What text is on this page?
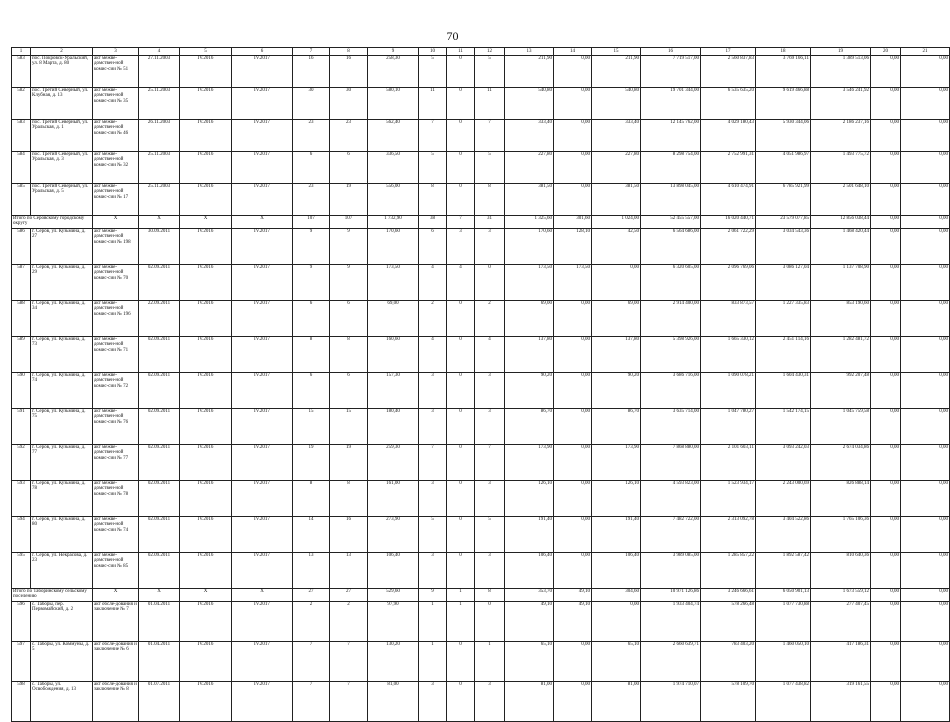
70
1	2	3	4	5	6	7	8	9	10	11	12	13	14	15	16	17	18	19	20	21
583	пос. Покровск-Уральский, ул. 8 Марта, д. 80	акт межве-домствен-ной комис-сии № 51	27.11.2003	IV.2016	IV.2017	16	16	258,30	5	0	5	211,90	0,00	211,90	7 719 517,00	2 560 837,83	3 769 166,11	1 389 513,06	0,00	0,00
582	пос. Третий Северный, ул. Клубная, д. 13	акт межве-домствен-ной комис-сии № 35	25.11.2003	IV.2016	IV.2017	30	30	580,10	11	0	11	540,80	0,00	540,80	19 701 344,00	6 535 635,20	9 619 466,88	3 546 241,92	0,00	0,00
583	пос. Третий Северный, ул. Уральская, д. 1	акт межве-домствен-ной комис-сии № 46	26.11.2003	IV.2016	IV.2017	23	23	562,40	7	0	7	333,40	0,00	333,40	12 145 762,00	4 029 180,43	5 930 344,06	2 186 237,16	0,00	0,00
584	пос. Третий Северный, ул. Уральская, д. 3	акт межве-домствен-ной комис-сии № 32	25.11.2003	IV.2016	IV.2017	6	6	336,50	5	0	5	227,80	0,00	227,80	8 298 754,00	2 752 991,31	4 051 986,97	1 493 775,72	0,00	0,00
585	пос. Третий Северный, ул. Уральская, д. 5	акт межве-домствен-ной комис-сии № 17	25.11.2003	IV.2016	IV.2017	23	19	556,00	8	0	8	381,50	0,00	381,50	13 898 045,00	4 610 474,91	6 785 921,99	2 501 648,10	0,00	0,00
Итого по Серовскому городскому округу		X	X	X	X	107	107	1 732,90	38	7	31	1 325,60	301,60	1 024,00	52 455 557,00	16 020 440,71	23 579 077,85	12 856 038,44	0,00	0,00
586	г. Серов, ул. Кузьмина, д. 27	акт межве-домствен-ной комис-сии № 198	30.09.2011	IV.2016	IV.2017	9	9	170,60	6	3	3	170,60	128,10	42,50	6 564 686,00	2 061 722,29	3 034 543,36	1 468 420,44	0,00	0,00
587	г. Серов, ул. Кузьмина, д. 29	акт межве-домствен-ной комис-сии № 70	02.09.2011	IV.2016	IV.2017	9	9	173,50	4	4	0	173,50	173,50	0,00	6 320 605,00	2 096 769,06	3 086 127,04	1 137 708,90	0,00	0,00
588	г. Серов, ул. Кузьмина, д. 34	акт межве-домствен-ной комис-сии № 196	22.09.2011	IV.2016	IV.2017	6	6	69,00	2	0	2	69,00	0,00	69,00	2 914 400,00	833 873,57	1 227 335,83	853 190,60	0,00	0,00
589	г. Серов, ул. Кузьмина, д. 73	акт межве-домствен-ной комис-сии № 71	02.09.2011	IV.2016	IV.2017	8	8	160,60	4	0	4	137,80	0,00	137,80	5 398 926,00	1 665 330,12	2 451 114,16	1 282 481,72	0,00	0,00
590	г. Серов, ул. Кузьмина, д. 74	акт межве-домствен-ной комис-сии № 72	02.09.2011	IV.2016	IV.2017	6	6	157,30	3	0	3	90,20	0,00	90,20	3 686 716,00	1 090 078,21	1 604 430,31	992 207,48	0,00	0,00
591	г. Серов, ул. Кузьмина, д. 75	акт межве-домствен-ной комис-сии № 76	02.09.2011	IV.2016	IV.2017	15	15	180,40	3	0	3	86,70	0,00	86,70	3 635 714,00	1 047 780,27	1 542 174,15	1 045 759,58	0,00	0,00
592	г. Серов, ул. Кузьмина, д. 77	акт межве-домствен-ной комис-сии № 77	02.09.2011	IV.2016	IV.2017	19	19	259,30	7	0	7	173,90	0,00	173,90	7 868 880,00	2 101 603,11	3 093 242,03	2 674 034,86	0,00	0,00
593	г. Серов, ул. Кузьмина, д. 78	акт межве-домствен-ной комис-сии № 78	02.09.2011	IV.2016	IV.2017	8	8	161,00	3	0	3	126,10	0,00	126,10	4 593 823,00	1 523 934,17	2 243 000,69	826 888,14	0,00	0,00
594	г. Серов, ул. Кузьмина, д. 80	акт межве-домствен-ной комис-сии № 74	02.09.2011	IV.2016	IV.2017	14	16	273,90	5	0	5	191,40	0,00	191,40	7 482 722,00	2 313 092,78	3 404 522,86	1 765 106,36	0,00	0,00
595	г. Серов, ул. Некрасова, д. 23	акт межве-домствен-ной комис-сии № 85	02.09.2011	IV.2016	IV.2017	13	13	106,40	3	0	3	106,40	0,00	106,40	3 989 085,00	1 285 857,22	1 892 587,42	810 640,36	0,00	0,00
Итого по Таборинскому сельскому поселению		X	X	X	X	27	27	529,60	9	1	8	353,70	49,10	304,60	10 971 126,86	3 246 666,61	6 050 901,13	1 673 559,12	0,00	0,00
596	с. Таборы, пер. Первомайский, д. 2	акт обсле-дования и заключение № 7	01.04.2011	IV.2016	IV.2017	2	2	97,90	1	1	0	49,10	49,10	0,00	1 933 404,74	578 266,48	1 077 730,88	277 407,45	0,00	0,00
597	с. Таборы, ул. Коммуны, д. 5	акт обсле-дования и заключение № 6	01.04.2011	IV.2016	IV.2017	7	7	130,20	1	0	1	65,10	0,00	65,10	2 660 639,71	783 403,20	1 460 050,10	417 186,31	0,00	0,00
598	с. Таборы, ул. Освобождения, д. 13	акт обсле-дования и заключение № 8	01.07.2011	IV.2016	IV.2017	7	7	81,00	3	0	3	81,00	0,00	81,00	1 974 710,07	578 109,70	1 077 438,82	319 161,55	0,00	0,00
